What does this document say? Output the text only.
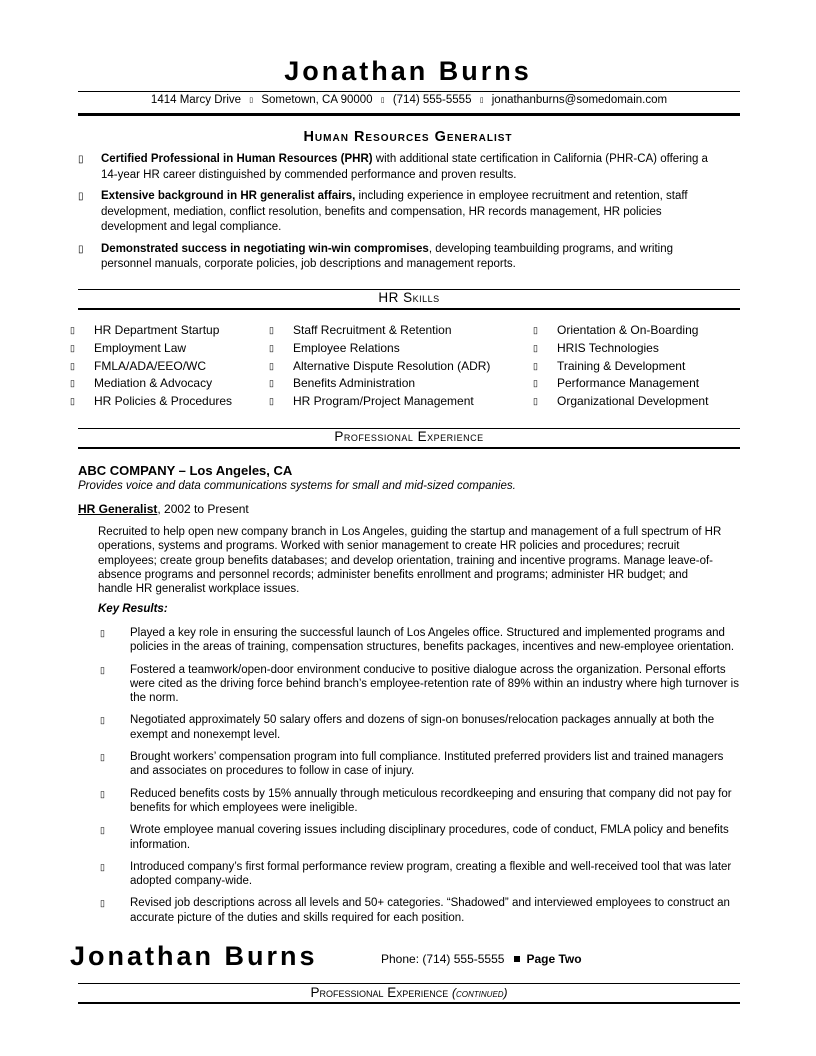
Jonathan Burns
1414 Marcy Drive ▯ Sometown, CA 90000 ▯ (714) 555-5555 ▯ jonathanburns@somedomain.com
Human Resources Generalist
▯ Certified Professional in Human Resources (PHR) with additional state certification in California (PHR-CA) offering a 14-year HR career distinguished by commended performance and proven results.
▯ Extensive background in HR generalist affairs, including experience in employee recruitment and retention, staff development, mediation, conflict resolution, benefits and compensation, HR records management, HR policies development and legal compliance.
▯ Demonstrated success in negotiating win-win compromises, developing teambuilding programs, and writing personnel manuals, corporate policies, job descriptions and management reports.
HR Skills
▯ HR Department Startup
▯ Employment Law
▯ FMLA/ADA/EEO/WC
▯ Mediation & Advocacy
▯ HR Policies & Procedures
▯ Staff Recruitment & Retention
▯ Employee Relations
▯ Alternative Dispute Resolution (ADR)
▯ Benefits Administration
▯ HR Program/Project Management
▯ Orientation & On-Boarding
▯ HRIS Technologies
▯ Training & Development
▯ Performance Management
▯ Organizational Development
Professional Experience
ABC COMPANY – Los Angeles, CA
Provides voice and data communications systems for small and mid-sized companies.
HR Generalist, 2002 to Present
Recruited to help open new company branch in Los Angeles, guiding the startup and management of a full spectrum of HR operations, systems and programs. Worked with senior management to create HR policies and procedures; recruit employees; create group benefits databases; and develop orientation, training and incentive programs. Manage leave-of-absence programs and personnel records; administer benefits enrollment and programs; administer HR budget; and handle HR generalist workplace issues.
Key Results:
▯ Played a key role in ensuring the successful launch of Los Angeles office. Structured and implemented programs and policies in the areas of training, compensation structures, benefits packages, incentives and new-employee orientation.
▯ Fostered a teamwork/open-door environment conducive to positive dialogue across the organization. Personal efforts were cited as the driving force behind branch’s employee-retention rate of 89% within an industry where high turnover is the norm.
▯ Negotiated approximately 50 salary offers and dozens of sign-on bonuses/relocation packages annually at both the exempt and nonexempt level.
▯ Brought workers’ compensation program into full compliance. Instituted preferred providers list and trained managers and associates on procedures to follow in case of injury.
▯ Reduced benefits costs by 15% annually through meticulous recordkeeping and ensuring that company did not pay for benefits for which employees were ineligible.
▯ Wrote employee manual covering issues including disciplinary procedures, code of conduct, FMLA policy and benefits information.
▯ Introduced company’s first formal performance review program, creating a flexible and well-received tool that was later adopted company-wide.
▯ Revised job descriptions across all levels and 50+ categories. “Shadowed” and interviewed employees to construct an accurate picture of the duties and skills required for each position.
Jonathan Burns	Phone: (714) 555-5555 Page Two
Professional Experience (continued)
